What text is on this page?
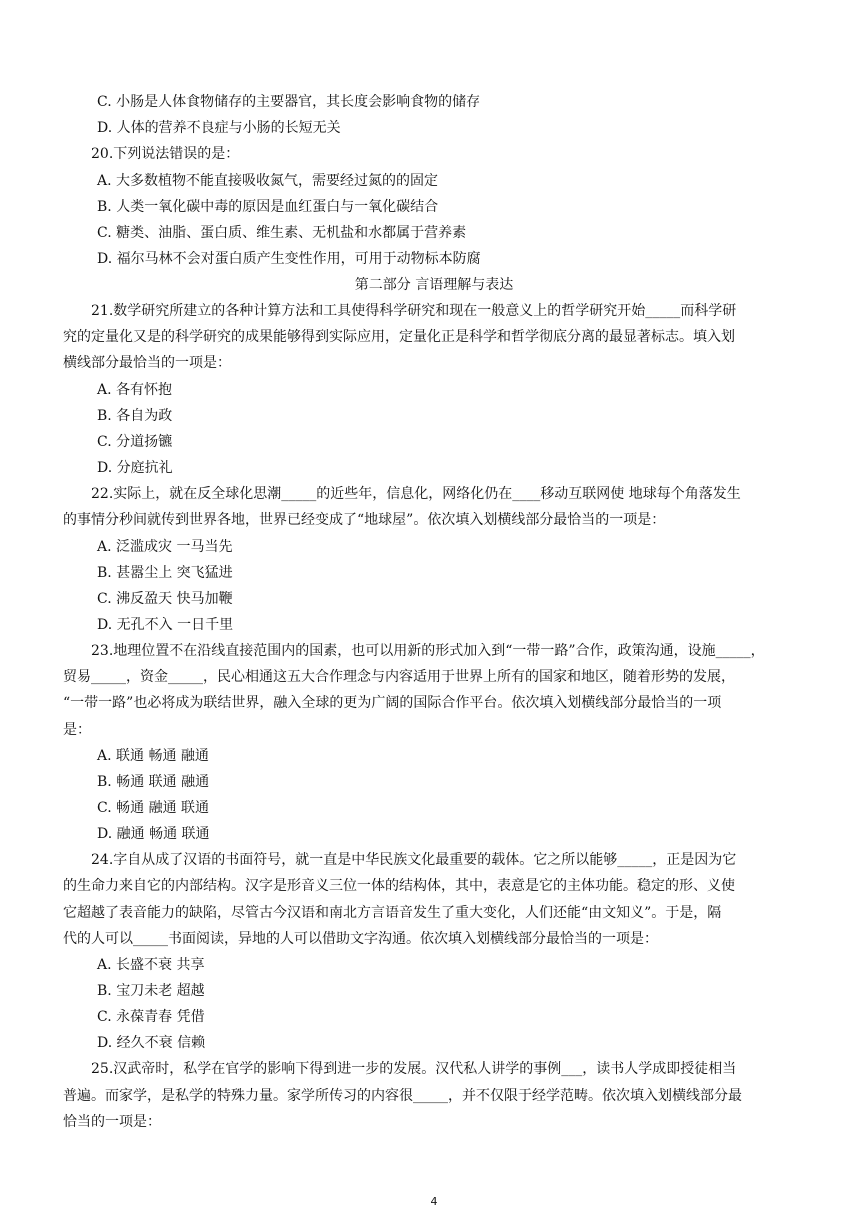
C. 小肠是人体食物储存的主要器官，其长度会影响食物的储存
D. 人体的营养不良症与小肠的长短无关
20.下列说法错误的是：
A. 大多数植物不能直接吸收氮气，需要经过氮的的固定
B. 人类一氧化碳中毒的原因是血红蛋白与一氧化碳结合
C. 糖类、油脂、蛋白质、维生素、无机盐和水都属于营养素
D. 福尔马林不会对蛋白质产生变性作用，可用于动物标本防腐
第二部分 言语理解与表达
21.数学研究所建立的各种计算方法和工具使得科学研究和现在一般意义上的哲学研究开始_____而科学研
究的定量化又是的科学研究的成果能够得到实际应用，定量化正是科学和哲学彻底分离的最显著标志。填入划
横线部分最恰当的一项是：
A. 各有怀抱
B. 各自为政
C. 分道扬镳
D. 分庭抗礼
22.实际上，就在反全球化思潮_____的近些年，信息化，网络化仍在____移动互联网使 地球每个角落发生
的事情分秒间就传到世界各地，世界已经变成了“地球屋”。依次填入划横线部分最恰当的一项是：
A. 泛滥成灾 一马当先
B. 甚嚣尘上 突飞猛进
C. 沸反盈天 快马加鞭
D. 无孔不入 一日千里
23.地理位置不在沿线直接范围内的国素，也可以用新的形式加入到“一带一路”合作，政策沟通，设施_____，
贸易_____，资金_____，民心相通这五大合作理念与内容适用于世界上所有的国家和地区，随着形势的发展，
“一带一路”也必将成为联结世界，融入全球的更为广阔的国际合作平台。依次填入划横线部分最恰当的一项
是：
A. 联通 畅通 融通
B. 畅通 联通 融通
C. 畅通 融通 联通
D. 融通 畅通 联通
24.字自从成了汉语的书面符号，就一直是中华民族文化最重要的载体。它之所以能够_____，正是因为它
的生命力来自它的内部结构。汉字是形音义三位一体的结构体，其中，表意是它的主体功能。稳定的形、义使
它超越了表音能力的缺陷，尽管古今汉语和南北方言语音发生了重大变化，人们还能“由文知义”。于是，隔
代的人可以_____书面阅读，异地的人可以借助文字沟通。依次填入划横线部分最恰当的一项是：
A. 长盛不衰 共享
B. 宝刀未老 超越
C. 永葆青春 凭借
D. 经久不衰 信赖
25.汉武帝时，私学在官学的影响下得到进一步的发展。汉代私人讲学的事例___，读书人学成即授徒相当
普遍。而家学，是私学的特殊力量。家学所传习的内容很_____，并不仅限于经学范畴。依次填入划横线部分最
恰当的一项是：
4
